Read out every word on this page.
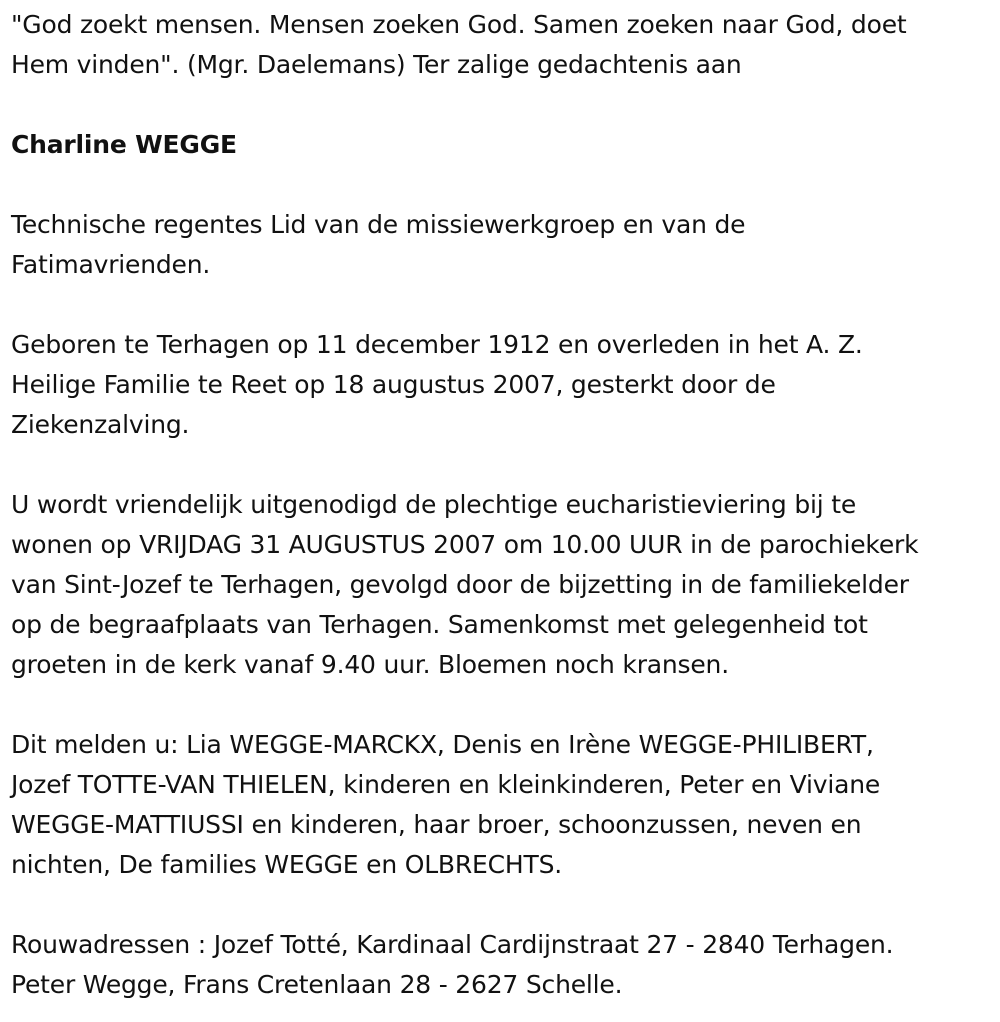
"God zoekt mensen. Mensen zoeken God. Samen zoeken naar God, doet
Hem vinden". (Mgr. Daelemans) Ter zalige gedachtenis aan

Charline WEGGE

Technische regentes Lid van de missiewerkgroep en van de
Fatimavrienden.

Geboren te Terhagen op 11 december 1912 en overleden in het A. Z.
Heilige Familie te Reet op 18 augustus 2007, gesterkt door de
Ziekenzalving.

U wordt vriendelijk uitgenodigd de plechtige eucharistieviering bij te
wonen op VRIJDAG 31 AUGUSTUS 2007 om 10.00 UUR in de parochiekerk
van Sint-Jozef te Terhagen, gevolgd door de bijzetting in de familiekelder
op de begraafplaats van Terhagen. Samenkomst met gelegenheid tot
groeten in de kerk vanaf 9.40 uur. Bloemen noch kransen.

Dit melden u: Lia WEGGE-MARCKX, Denis en Irène WEGGE-PHILIBERT,
Jozef TOTTE-VAN THIELEN, kinderen en kleinkinderen, Peter en Viviane
WEGGE-MATTIUSSI en kinderen, haar broer, schoonzussen, neven en
nichten, De families WEGGE en OLBRECHTS.

Rouwadressen : Jozef Totté, Kardinaal Cardijnstraat 27 - 2840 Terhagen.
Peter Wegge, Frans Cretenlaan 28 - 2627 Schelle.
